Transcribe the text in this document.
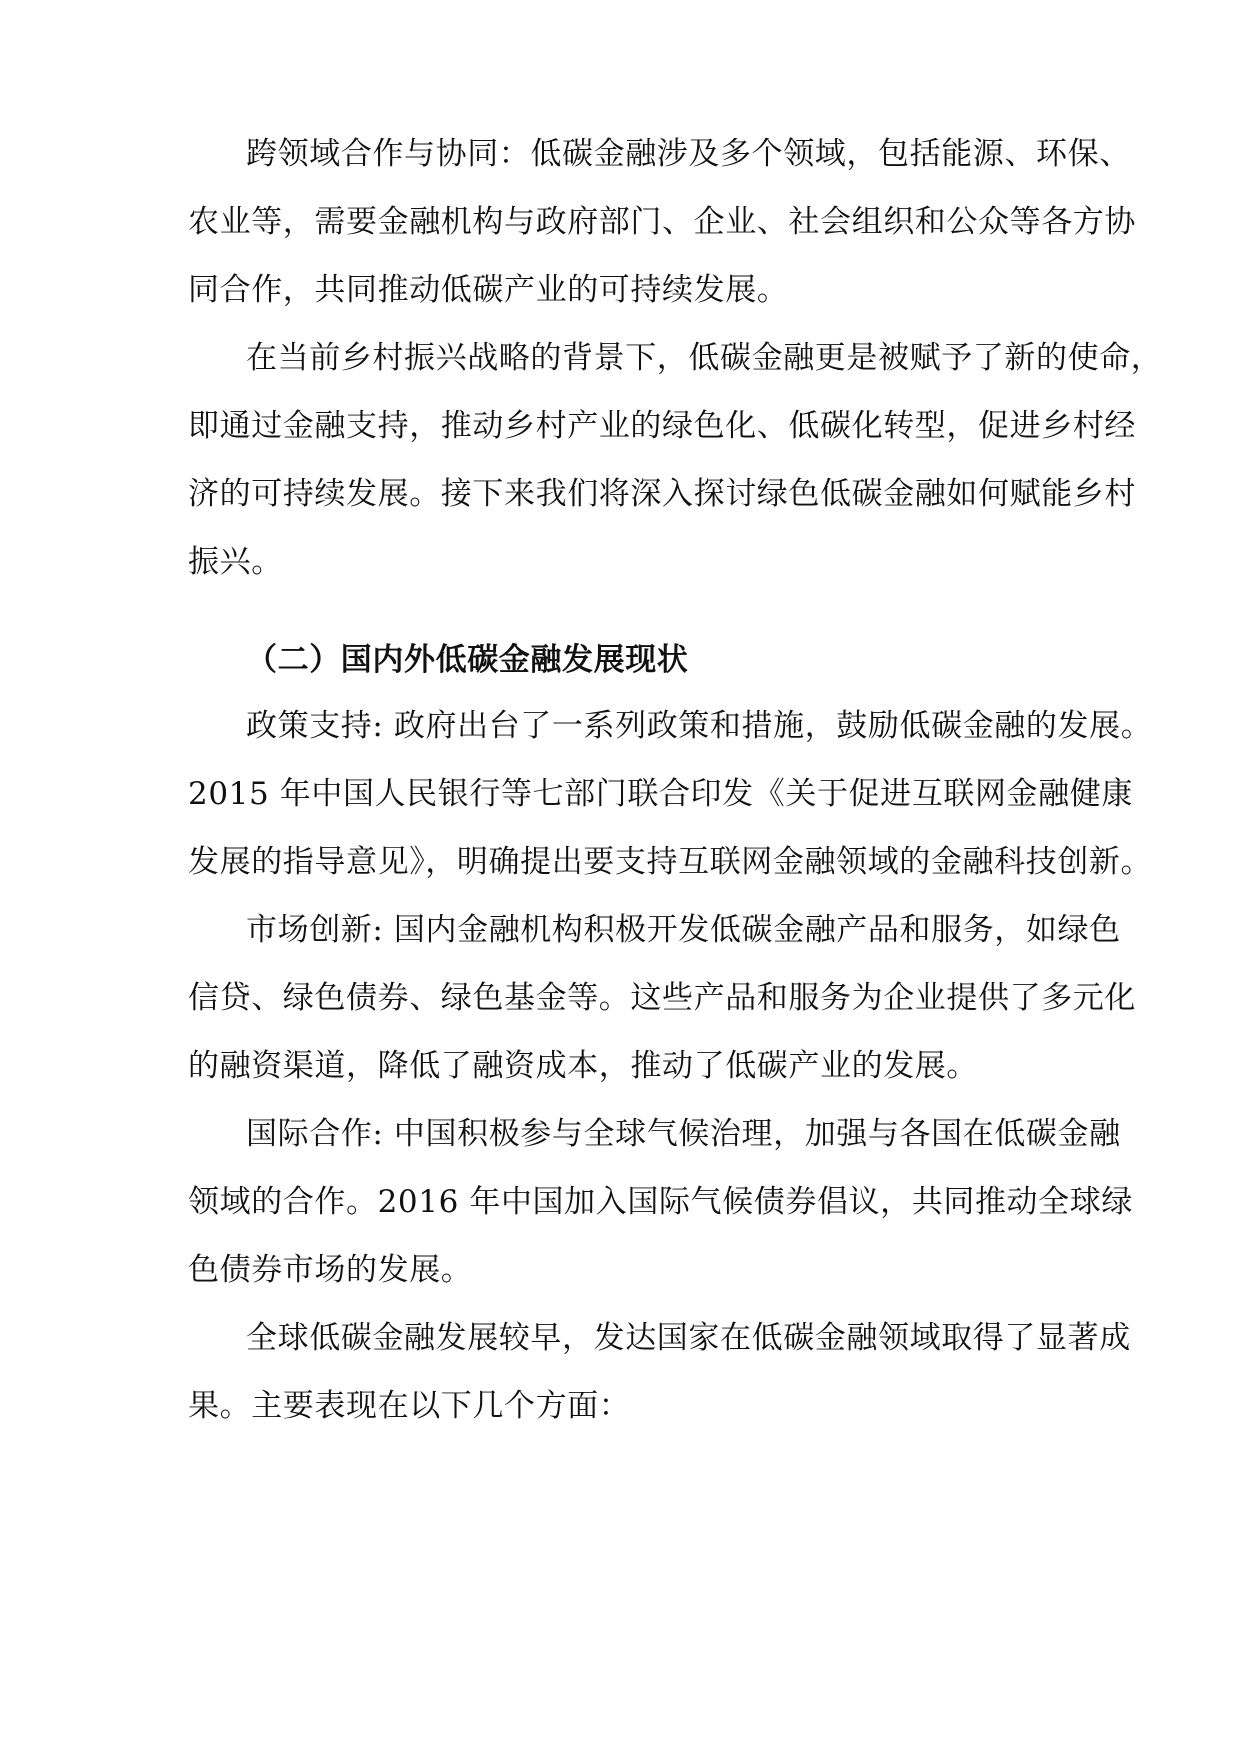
跨领域合作与协同：低碳金融涉及多个领域，包括能源、环保、
农业等，需要金融机构与政府部门、企业、社会组织和公众等各方协
同合作，共同推动低碳产业的可持续发展。
在当前乡村振兴战略的背景下，低碳金融更是被赋予了新的使命，
即通过金融支持，推动乡村产业的绿色化、低碳化转型，促进乡村经
济的可持续发展。接下来我们将深入探讨绿色低碳金融如何赋能乡村
振兴。
（二）国内外低碳金融发展现状
政策支持: 政府出台了一系列政策和措施，鼓励低碳金融的发展。
2015 年中国人民银行等七部门联合印发《关于促进互联网金融健康
发展的指导意见》，明确提出要支持互联网金融领域的金融科技创新。
市场创新: 国内金融机构积极开发低碳金融产品和服务，如绿色
信贷、绿色债券、绿色基金等。这些产品和服务为企业提供了多元化
的融资渠道，降低了融资成本，推动了低碳产业的发展。
国际合作: 中国积极参与全球气候治理，加强与各国在低碳金融
领域的合作。2016 年中国加入国际气候债券倡议，共同推动全球绿
色债券市场的发展。
全球低碳金融发展较早，发达国家在低碳金融领域取得了显著成
果。主要表现在以下几个方面：
